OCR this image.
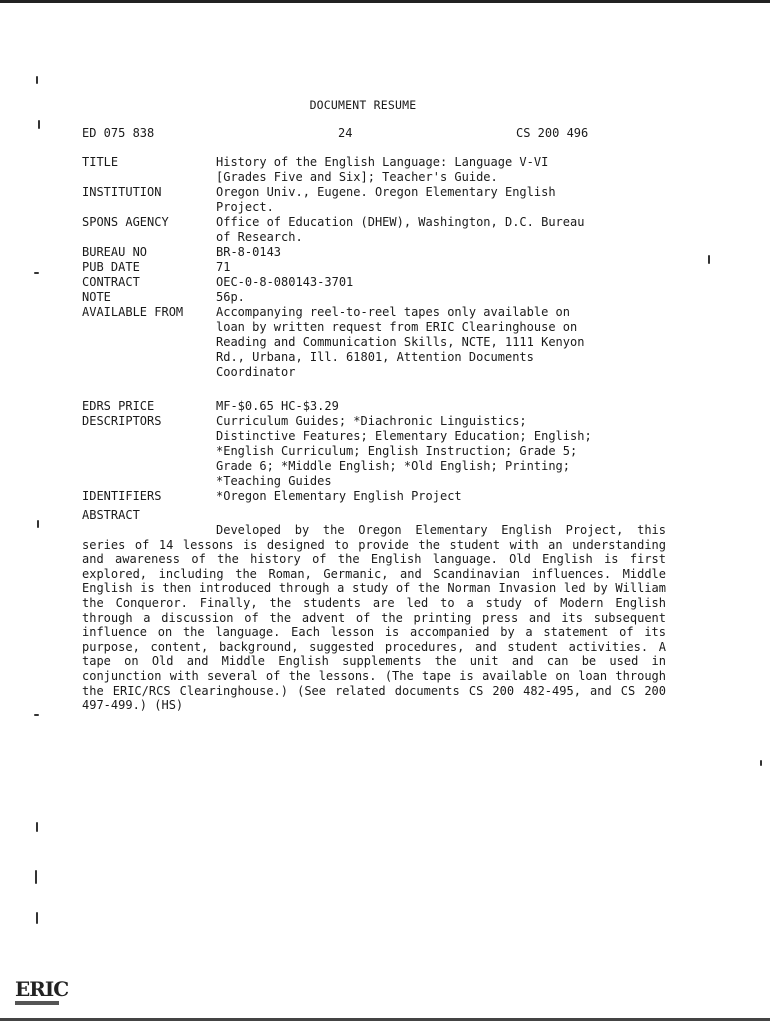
DOCUMENT RESUME
ED 075 838	24	CS 200 496
TITLE	History of the English Language: Language V-VI
[Grades Five and Six]; Teacher's Guide.
INSTITUTION	Oregon Univ., Eugene. Oregon Elementary English
Project.
SPONS AGENCY	Office of Education (DHEW), Washington, D.C. Bureau
of Research.
BUREAU NO	BR-8-0143
PUB DATE	71
CONTRACT	OEC-0-8-080143-3701
NOTE	56p.
AVAILABLE FROM	Accompanying reel-to-reel tapes only available on
loan by written request from ERIC Clearinghouse on
Reading and Communication Skills, NCTE, 1111 Kenyon
Rd., Urbana, Ill. 61801, Attention Documents
Coordinator
EDRS PRICE	MF-$0.65 HC-$3.29
DESCRIPTORS	Curriculum Guides; *Diachronic Linguistics;
Distinctive Features; Elementary Education; English;
*English Curriculum; English Instruction; Grade 5;
Grade 6; *Middle English; *Old English; Printing;
*Teaching Guides
IDENTIFIERS	*Oregon Elementary English Project
ABSTRACT
Developed by the Oregon Elementary English Project, this series of 14 lessons is designed to provide the student with an understanding and awareness of the history of the English language. Old English is first explored, including the Roman, Germanic, and Scandinavian influences. Middle English is then introduced through a study of the Norman Invasion led by William the Conqueror. Finally, the students are led to a study of Modern English through a discussion of the advent of the printing press and its subsequent influence on the language. Each lesson is accompanied by a statement of its purpose, content, background, suggested procedures, and student activities. A tape on Old and Middle English supplements the unit and can be used in conjunction with several of the lessons. (The tape is available on loan through the ERIC/RCS Clearinghouse.) (See related documents CS 200 482-495, and CS 200 497-499.) (HS)
ERIC
